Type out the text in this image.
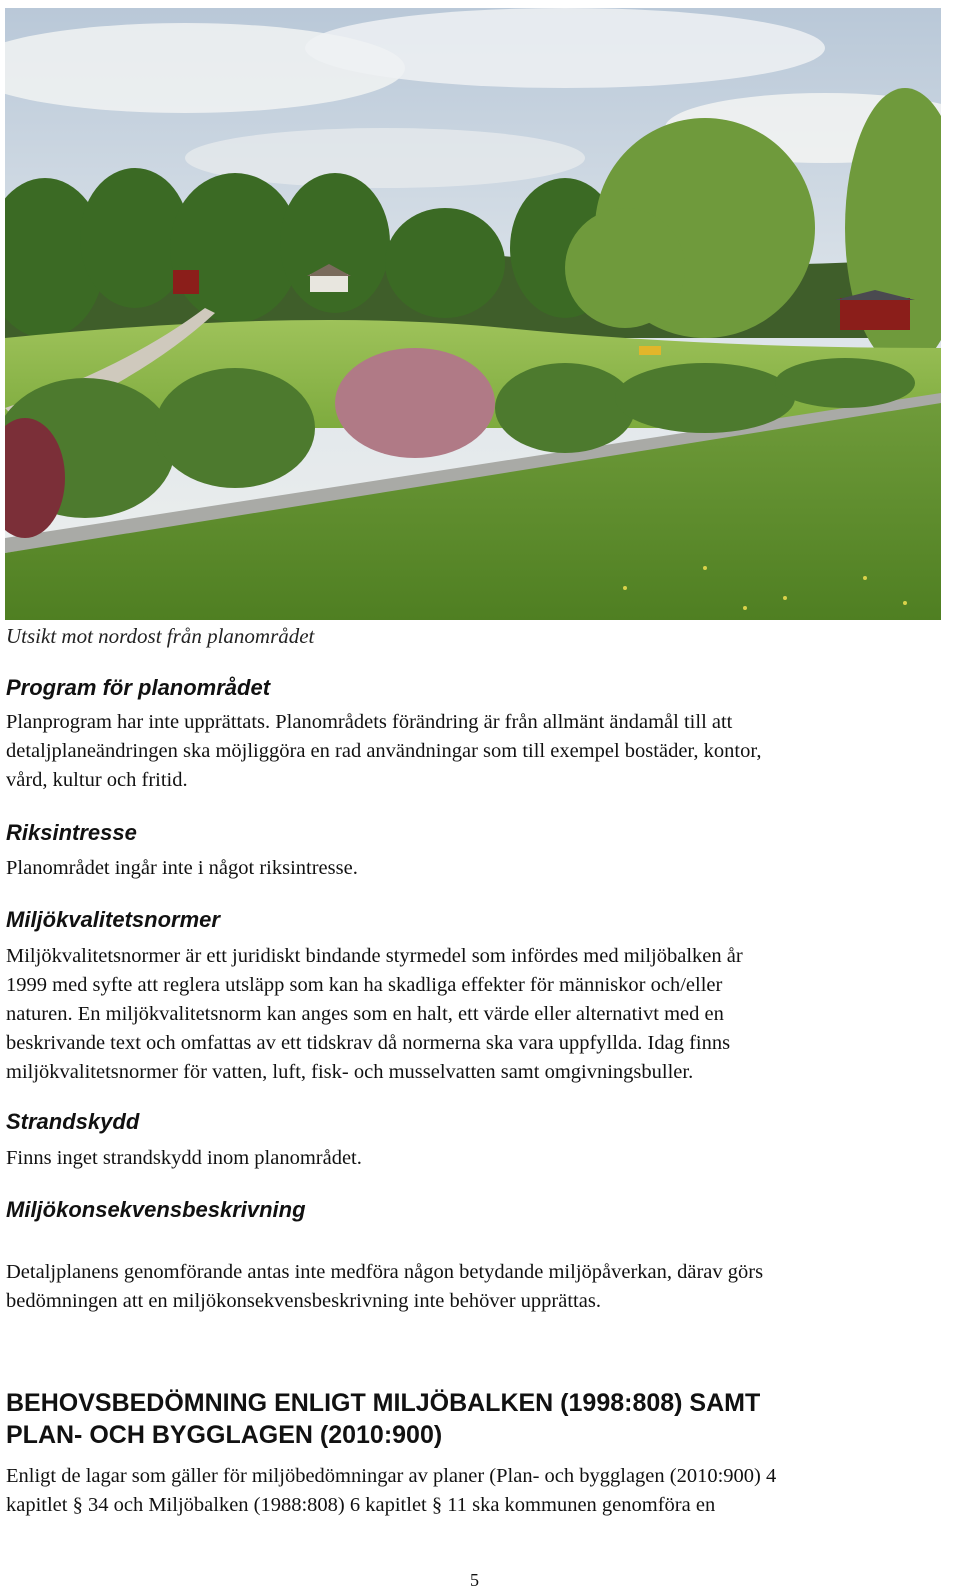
Utsikt mot nordost från planområdet
Program för planområdet
Planprogram har inte upprättats. Planområdets förändring är från allmänt ändamål till att
detaljplaneändringen ska möjliggöra en rad användningar som till exempel bostäder, kontor,
vård, kultur och fritid.
Riksintresse
Planområdet ingår inte i något riksintresse.
Miljökvalitetsnormer
Miljökvalitetsnormer är ett juridiskt bindande styrmedel som infördes med miljöbalken år
1999 med syfte att reglera utsläpp som kan ha skadliga effekter för människor och/eller
naturen. En miljökvalitetsnorm kan anges som en halt, ett värde eller alternativt med en
beskrivande text och omfattas av ett tidskrav då normerna ska vara uppfyllda. Idag finns
miljökvalitetsnormer för vatten, luft, fisk- och musselvatten samt omgivningsbuller.
Strandskydd
Finns inget strandskydd inom planområdet.
Miljökonsekvensbeskrivning
Detaljplanens genomförande antas inte medföra någon betydande miljöpåverkan, därav görs
bedömningen att en miljökonsekvensbeskrivning inte behöver upprättas.
BEHOVSBEDÖMNING ENLIGT MILJÖBALKEN (1998:808) SAMT
PLAN- OCH BYGGLAGEN (2010:900)
Enligt de lagar som gäller för miljöbedömningar av planer (Plan- och bygglagen (2010:900) 4
kapitlet § 34 och Miljöbalken (1988:808) 6 kapitlet § 11 ska kommunen genomföra en
5
